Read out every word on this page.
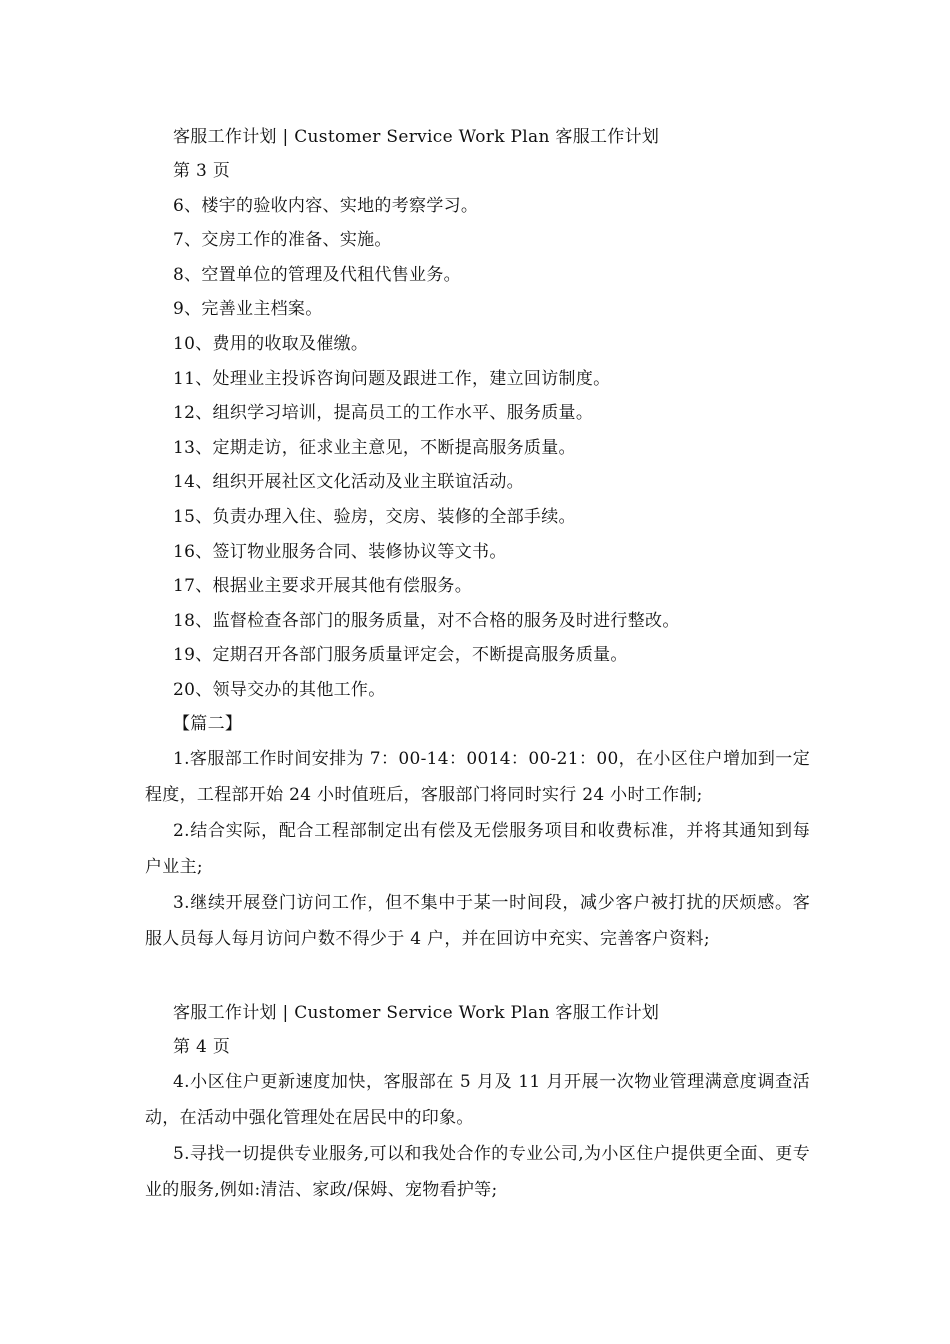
客服工作计划 | Customer Service Work Plan 客服工作计划
第 3 页
6、楼宇的验收内容、实地的考察学习。
7、交房工作的准备、实施。
8、空置单位的管理及代租代售业务。
9、完善业主档案。
10、费用的收取及催缴。
11、处理业主投诉咨询问题及跟进工作，建立回访制度。
12、组织学习培训，提高员工的工作水平、服务质量。
13、定期走访，征求业主意见，不断提高服务质量。
14、组织开展社区文化活动及业主联谊活动。
15、负责办理入住、验房，交房、装修的全部手续。
16、签订物业服务合同、装修协议等文书。
17、根据业主要求开展其他有偿服务。
18、监督检查各部门的服务质量，对不合格的服务及时进行整改。
19、定期召开各部门服务质量评定会，不断提高服务质量。
20、领导交办的其他工作。
【篇二】
1.客服部工作时间安排为 7：00-14：0014：00-21：00，在小区住户增加到一定程度，工程部开始 24 小时值班后，客服部门将同时实行 24 小时工作制;
2.结合实际，配合工程部制定出有偿及无偿服务项目和收费标准，并将其通知到每户业主;
3.继续开展登门访问工作，但不集中于某一时间段，减少客户被打扰的厌烦感。客服人员每人每月访问户数不得少于 4 户，并在回访中充实、完善客户资料;
客服工作计划 | Customer Service Work Plan 客服工作计划
第 4 页
4.小区住户更新速度加快，客服部在 5 月及 11 月开展一次物业管理满意度调查活动，在活动中强化管理处在居民中的印象。
5.寻找一切提供专业服务,可以和我处合作的专业公司,为小区住户提供更全面、更专业的服务,例如:清洁、家政/保姆、宠物看护等;
